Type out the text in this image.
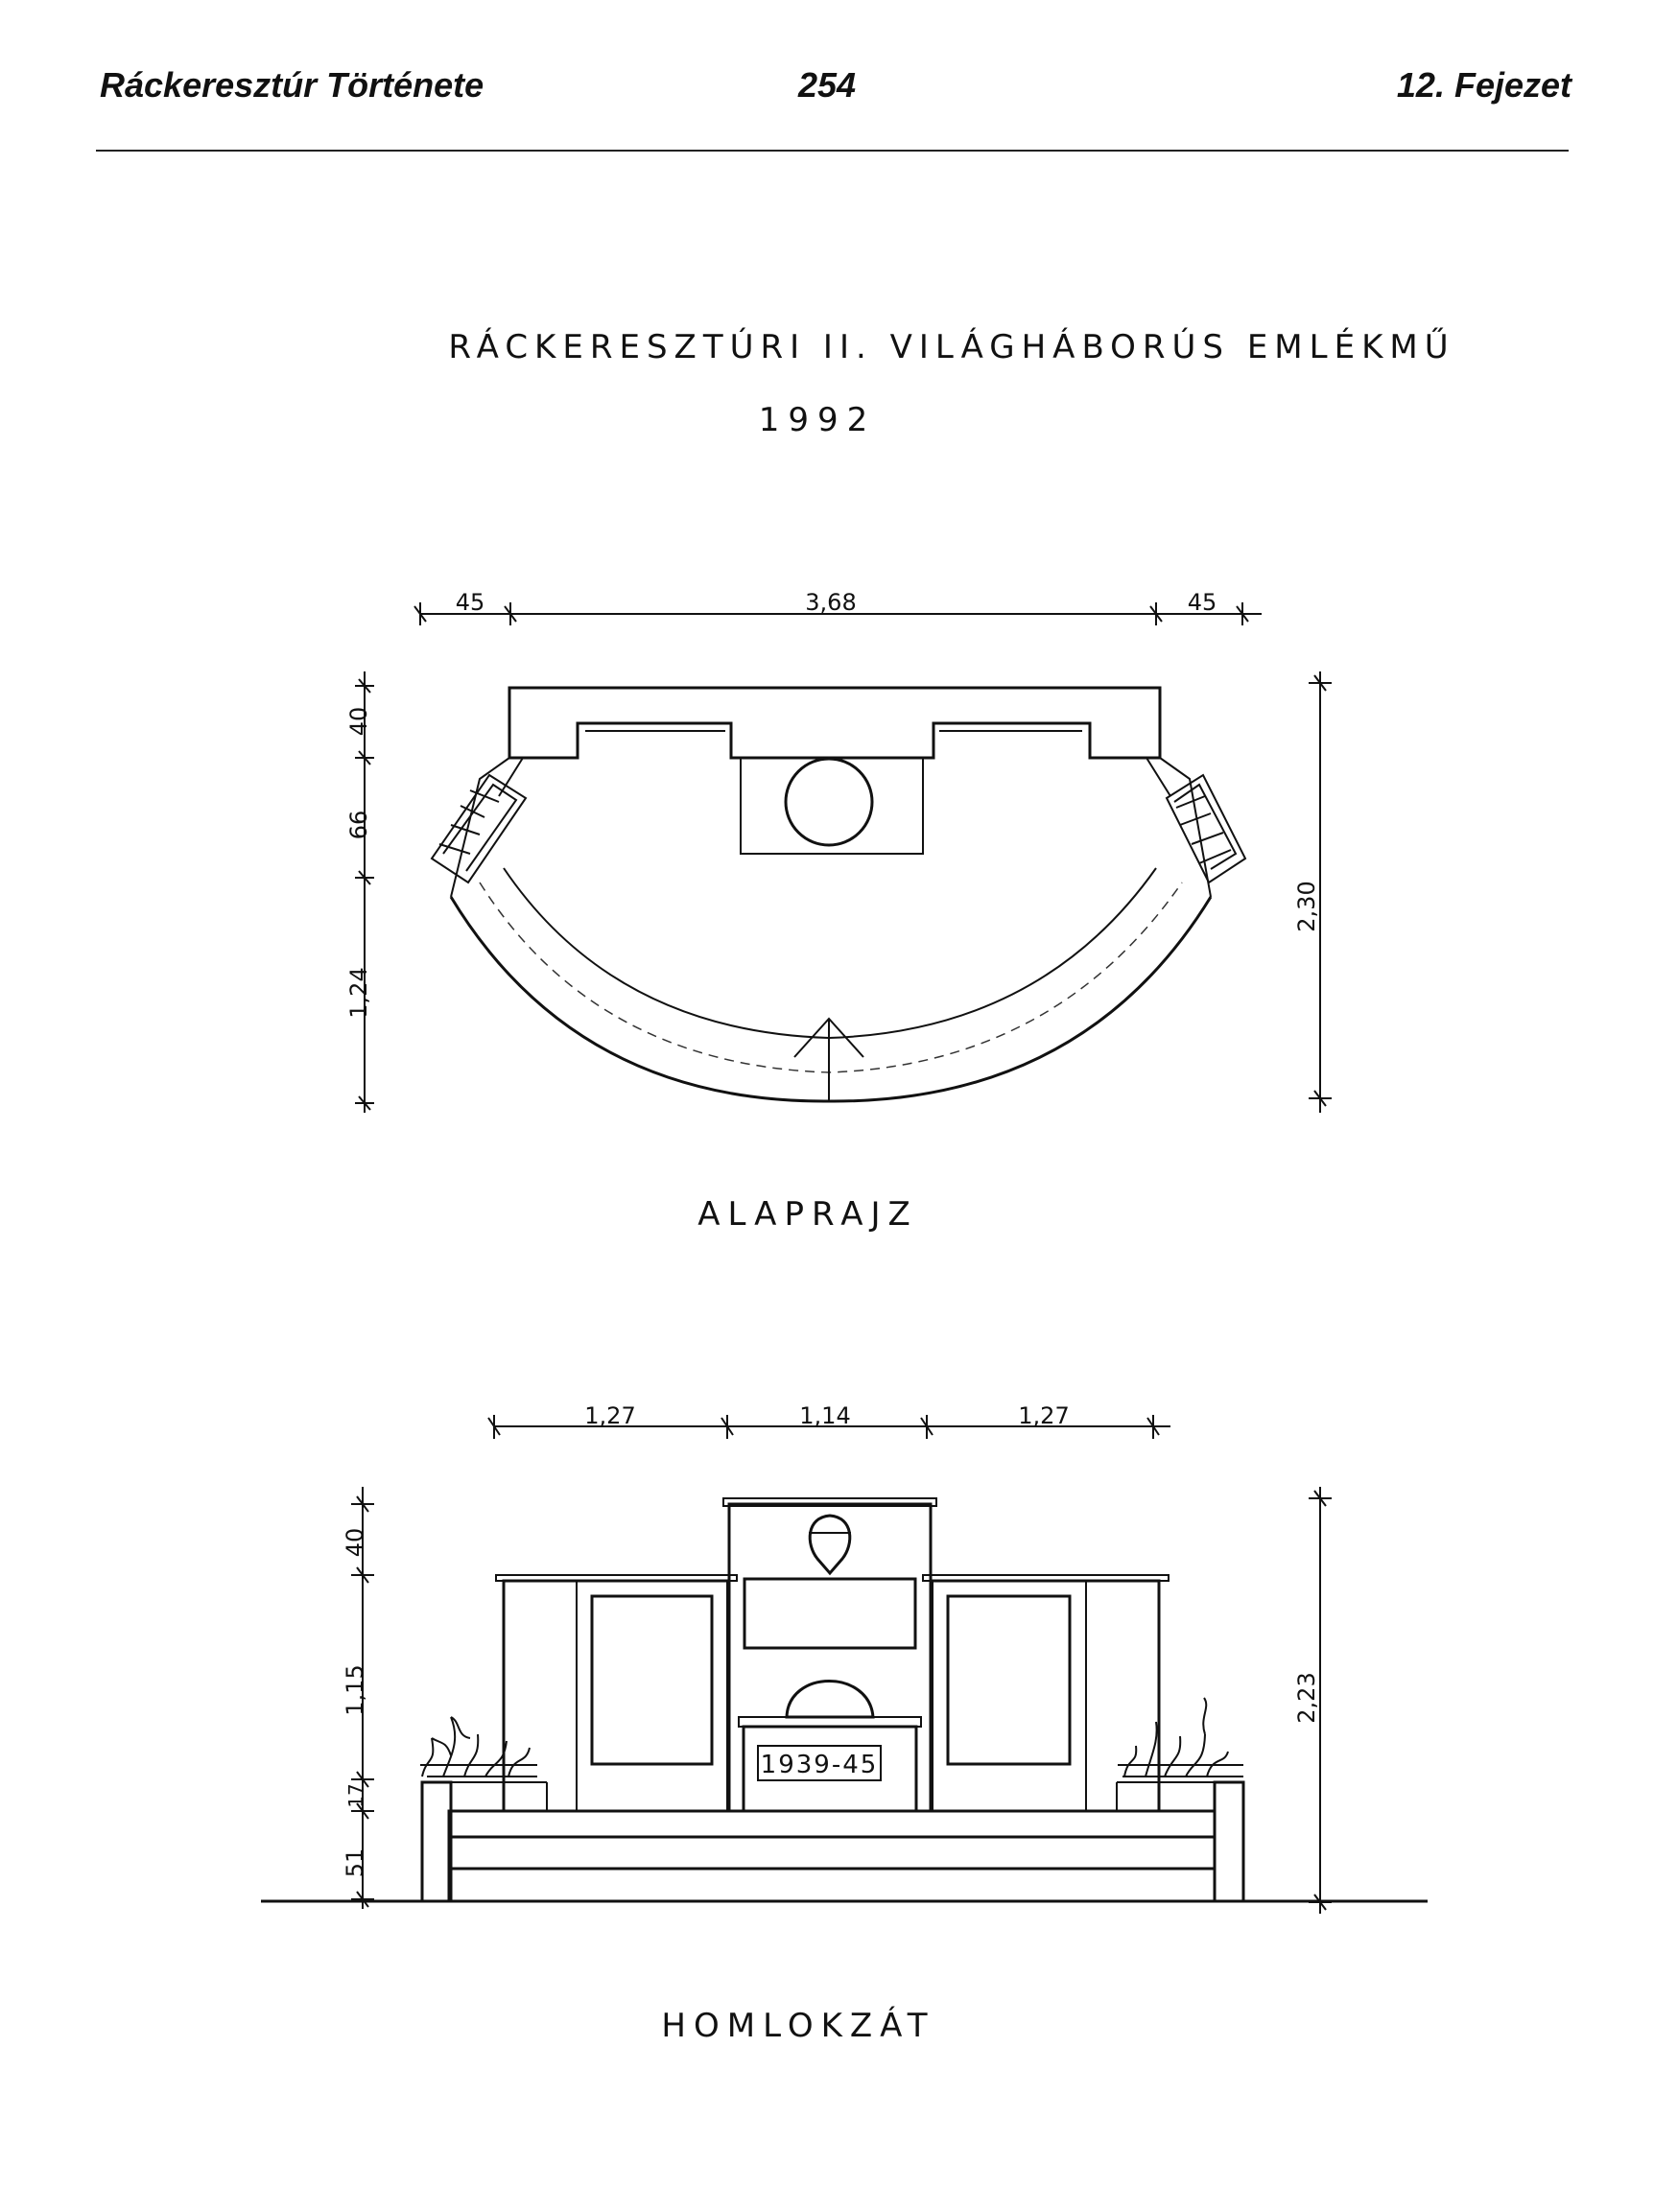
Ráckeresztúr Története	254	12. Fejezet
RÁCKERESZTÚRI II. VILÁGHÁBORÚS EMLÉKMŰ
1992
ALAPRAJZ
HOMLOKZÁT
45	3,68	45
40
66
1,24
2,30
1,27	1,14	1,27
40
1,15
17
51
2,23
1939-45
